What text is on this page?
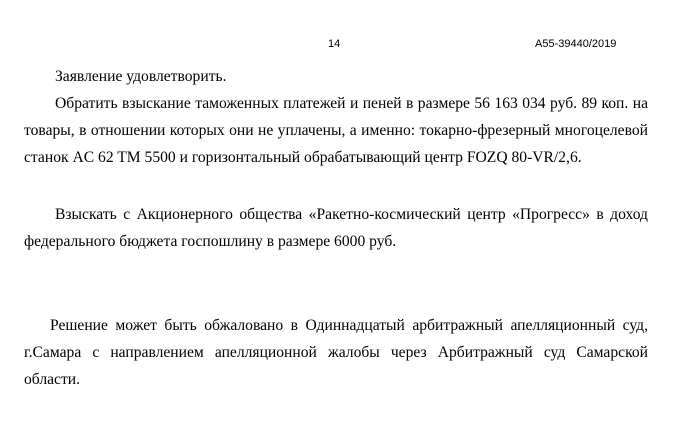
14	А55-39440/2019

Заявление удовлетворить.

Обратить взыскание таможенных платежей и пеней в размере 56 163 034 руб. 89 коп. на товары, в отношении которых они не уплачены, а именно: токарно-фрезерный многоцелевой станок AC 62 TM 5500 и горизонтальный обрабатывающий центр FOZQ 80-VR/2,6.

Взыскать с Акционерного общества «Ракетно-космический центр «Прогресс» в доход федерального бюджета госпошлину в размере 6000 руб.

Решение может быть обжаловано в Одиннадцатый арбитражный апелляционный суд, г.Самара с направлением апелляционной жалобы через Арбитражный суд Самарской области.
